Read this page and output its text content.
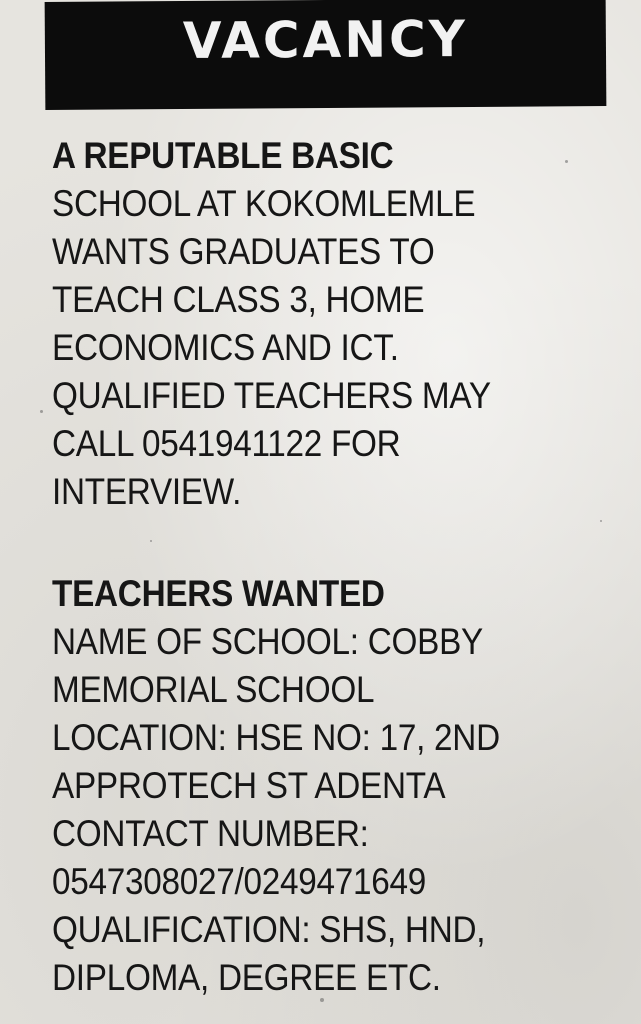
VACANCY
A REPUTABLE BASIC
SCHOOL AT KOKOMLEMLE
WANTS GRADUATES TO
TEACH CLASS 3, HOME
ECONOMICS AND ICT.
QUALIFIED TEACHERS MAY
CALL 0541941122 FOR
INTERVIEW.
TEACHERS WANTED
NAME OF SCHOOL: COBBY
MEMORIAL SCHOOL
LOCATION: HSE NO: 17, 2ND
APPROTECH ST ADENTA
CONTACT NUMBER:
0547308027/0249471649
QUALIFICATION: SHS, HND,
DIPLOMA, DEGREE ETC.
